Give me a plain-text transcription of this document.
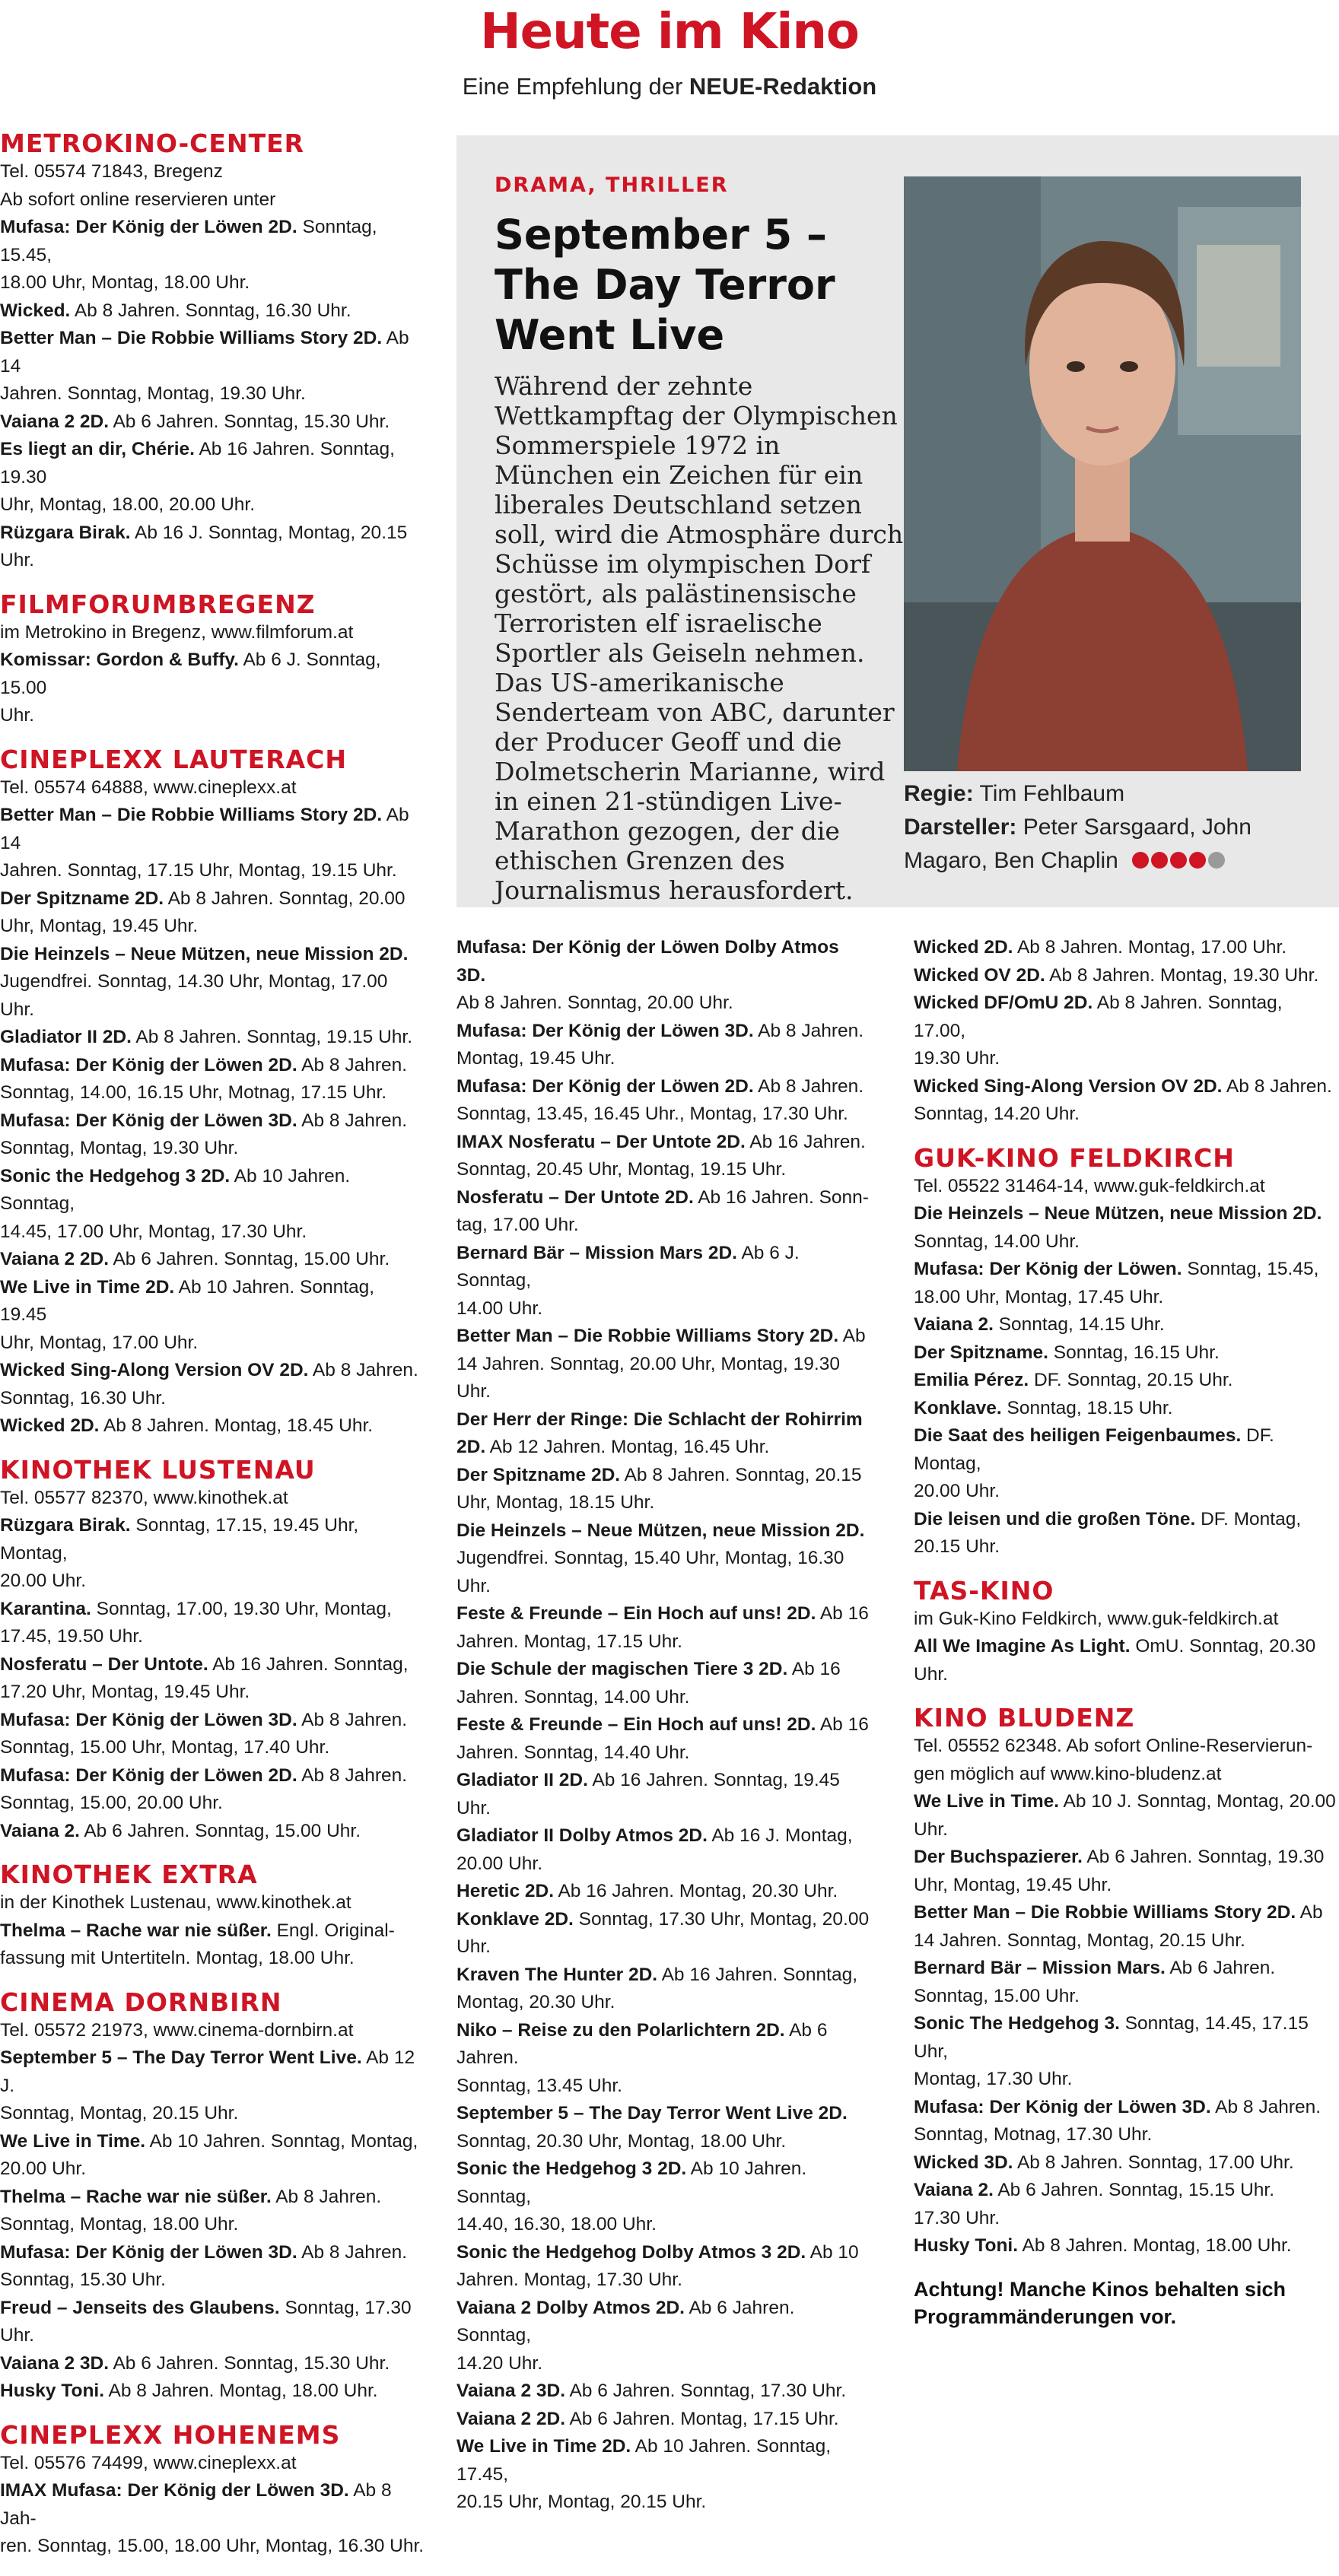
Heute im Kino
Eine Empfehlung der NEUE-Redaktion
METROKINO-CENTER
Tel. 05574 71843, Bregenz
Ab sofort online reservieren unter
Mufasa: Der König der Löwen 2D. Sonntag, 15.45,
18.00 Uhr, Montag, 18.00 Uhr.
Wicked. Ab 8 Jahren. Sonntag, 16.30 Uhr.
Better Man – Die Robbie Williams Story 2D. Ab 14
Jahren. Sonntag, Montag, 19.30 Uhr.
Vaiana 2 2D. Ab 6 Jahren. Sonntag, 15.30 Uhr.
Es liegt an dir, Chérie. Ab 16 Jahren. Sonntag, 19.30
Uhr, Montag, 18.00, 20.00 Uhr.
Rüzgara Birak. Ab 16 J. Sonntag, Montag, 20.15 Uhr.
FILMFORUMBREGENZ
im Metrokino in Bregenz, www.filmforum.at
Komissar: Gordon & Buffy. Ab 6 J. Sonntag, 15.00
Uhr.
CINEPLEXX LAUTERACH
Tel. 05574 64888, www.cineplexx.at
Better Man – Die Robbie Williams Story 2D. Ab 14
Jahren. Sonntag, 17.15 Uhr, Montag, 19.15 Uhr.
Der Spitzname 2D. Ab 8 Jahren. Sonntag, 20.00
Uhr, Montag, 19.45 Uhr.
Die Heinzels – Neue Mützen, neue Mission 2D.
Jugendfrei. Sonntag, 14.30 Uhr, Montag, 17.00 Uhr.
Gladiator II 2D. Ab 8 Jahren. Sonntag, 19.15 Uhr.
Mufasa: Der König der Löwen 2D. Ab 8 Jahren.
Sonntag, 14.00, 16.15 Uhr, Motnag, 17.15 Uhr.
Mufasa: Der König der Löwen 3D. Ab 8 Jahren.
Sonntag, Montag, 19.30 Uhr.
Sonic the Hedgehog 3 2D. Ab 10 Jahren. Sonntag,
14.45, 17.00 Uhr, Montag, 17.30 Uhr.
Vaiana 2 2D. Ab 6 Jahren. Sonntag, 15.00 Uhr.
We Live in Time 2D. Ab 10 Jahren. Sonntag, 19.45
Uhr, Montag, 17.00 Uhr.
Wicked Sing-Along Version OV 2D. Ab 8 Jahren.
Sonntag, 16.30 Uhr.
Wicked 2D. Ab 8 Jahren. Montag, 18.45 Uhr.
KINOTHEK LUSTENAU
Tel. 05577 82370, www.kinothek.at
Rüzgara Birak. Sonntag, 17.15, 19.45 Uhr, Montag,
20.00 Uhr.
Karantina. Sonntag, 17.00, 19.30 Uhr, Montag,
17.45, 19.50 Uhr.
Nosferatu – Der Untote. Ab 16 Jahren. Sonntag,
17.20 Uhr, Montag, 19.45 Uhr.
Mufasa: Der König der Löwen 3D. Ab 8 Jahren.
Sonntag, 15.00 Uhr, Montag, 17.40 Uhr.
Mufasa: Der König der Löwen 2D. Ab 8 Jahren.
Sonntag, 15.00, 20.00 Uhr.
Vaiana 2. Ab 6 Jahren. Sonntag, 15.00 Uhr.
KINOTHEK EXTRA
in der Kinothek Lustenau, www.kinothek.at
Thelma – Rache war nie süßer. Engl. Original-
fassung mit Untertiteln. Montag, 18.00 Uhr.
CINEMA DORNBIRN
Tel. 05572 21973, www.cinema-dornbirn.at
September 5 – The Day Terror Went Live. Ab 12 J.
Sonntag, Montag, 20.15 Uhr.
We Live in Time. Ab 10 Jahren. Sonntag, Montag,
20.00 Uhr.
Thelma – Rache war nie süßer. Ab 8 Jahren.
Sonntag, Montag, 18.00 Uhr.
Mufasa: Der König der Löwen 3D. Ab 8 Jahren.
Sonntag, 15.30 Uhr.
Freud – Jenseits des Glaubens. Sonntag, 17.30 Uhr.
Vaiana 2 3D. Ab 6 Jahren. Sonntag, 15.30 Uhr.
Husky Toni. Ab 8 Jahren. Montag, 18.00 Uhr.
CINEPLEXX HOHENEMS
Tel. 05576 74499, www.cineplexx.at
IMAX Mufasa: Der König der Löwen 3D. Ab 8 Jah-
ren. Sonntag, 15.00, 18.00 Uhr, Montag, 16.30 Uhr.
DRAMA, THRILLER
September 5 –
The Day Terror
Went Live

Während der zehnte Wettkampftag der Olympischen Sommerspiele 1972 in München ein Zeichen für ein liberales Deutschland setzen soll, wird die Atmosphäre durch Schüsse im olympischen Dorf gestört, als palästinensische Terroristen elf israelische Sportler als Geiseln nehmen. Das US-amerikanische Senderteam von ABC, darunter der Producer Geoff und die Dolmetscherin Marianne, wird in einen 21-stündigen Live-Marathon gezogen, der die ethischen Grenzen des Journalismus herausfordert.

Regie: Tim Fehlbaum
Darsteller: Peter Sarsgaard, John Magaro, Ben Chaplin
Mufasa: Der König der Löwen Dolby Atmos 3D.
Ab 8 Jahren. Sonntag, 20.00 Uhr.
Mufasa: Der König der Löwen 3D. Ab 8 Jahren.
Montag, 19.45 Uhr.
Mufasa: Der König der Löwen 2D. Ab 8 Jahren.
Sonntag, 13.45, 16.45 Uhr., Montag, 17.30 Uhr.
IMAX Nosferatu – Der Untote 2D. Ab 16 Jahren.
Sonntag, 20.45 Uhr, Montag, 19.15 Uhr.
Nosferatu – Der Untote 2D. Ab 16 Jahren. Sonn-
tag, 17.00 Uhr.
Bernard Bär – Mission Mars 2D. Ab 6 J. Sonntag,
14.00 Uhr.
Better Man – Die Robbie Williams Story 2D. Ab
14 Jahren. Sonntag, 20.00 Uhr, Montag, 19.30 Uhr.
Der Herr der Ringe: Die Schlacht der Rohirrim
2D. Ab 12 Jahren. Montag, 16.45 Uhr.
Der Spitzname 2D. Ab 8 Jahren. Sonntag, 20.15
Uhr, Montag, 18.15 Uhr.
Die Heinzels – Neue Mützen, neue Mission 2D.
Jugendfrei. Sonntag, 15.40 Uhr, Montag, 16.30 Uhr.
Feste & Freunde – Ein Hoch auf uns! 2D. Ab 16
Jahren. Montag, 17.15 Uhr.
Die Schule der magischen Tiere 3 2D. Ab 16
Jahren. Sonntag, 14.00 Uhr.
Feste & Freunde – Ein Hoch auf uns! 2D. Ab 16
Jahren. Sonntag, 14.40 Uhr.
Gladiator II 2D. Ab 16 Jahren. Sonntag, 19.45 Uhr.
Gladiator II Dolby Atmos 2D. Ab 16 J. Montag,
20.00 Uhr.
Heretic 2D. Ab 16 Jahren. Montag, 20.30 Uhr.
Konklave 2D. Sonntag, 17.30 Uhr, Montag, 20.00 Uhr.
Kraven The Hunter 2D. Ab 16 Jahren. Sonntag,
Montag, 20.30 Uhr.
Niko – Reise zu den Polarlichtern 2D. Ab 6 Jahren.
Sonntag, 13.45 Uhr.
September 5 – The Day Terror Went Live 2D.
Sonntag, 20.30 Uhr, Montag, 18.00 Uhr.
Sonic the Hedgehog 3 2D. Ab 10 Jahren. Sonntag,
14.40, 16.30, 18.00 Uhr.
Sonic the Hedgehog Dolby Atmos 3 2D. Ab 10
Jahren. Montag, 17.30 Uhr.
Vaiana 2 Dolby Atmos 2D. Ab 6 Jahren. Sonntag,
14.20 Uhr.
Vaiana 2 3D. Ab 6 Jahren. Sonntag, 17.30 Uhr.
Vaiana 2 2D. Ab 6 Jahren. Montag, 17.15 Uhr.
We Live in Time 2D. Ab 10 Jahren. Sonntag, 17.45,
20.15 Uhr, Montag, 20.15 Uhr.
Wicked 2D. Ab 8 Jahren. Montag, 17.00 Uhr.
Wicked OV 2D. Ab 8 Jahren. Montag, 19.30 Uhr.
Wicked DF/OmU 2D. Ab 8 Jahren. Sonntag, 17.00,
19.30 Uhr.
Wicked Sing-Along Version OV 2D. Ab 8 Jahren.
Sonntag, 14.20 Uhr.
GUK-KINO FELDKIRCH
Tel. 05522 31464-14, www.guk-feldkirch.at
Die Heinzels – Neue Mützen, neue Mission 2D.
Sonntag, 14.00 Uhr.
Mufasa: Der König der Löwen. Sonntag, 15.45,
18.00 Uhr, Montag, 17.45 Uhr.
Vaiana 2. Sonntag, 14.15 Uhr.
Der Spitzname. Sonntag, 16.15 Uhr.
Emilia Pérez. DF. Sonntag, 20.15 Uhr.
Konklave. Sonntag, 18.15 Uhr.
Die Saat des heiligen Feigenbaumes. DF. Montag,
20.00 Uhr.
Die leisen und die großen Töne. DF. Montag,
20.15 Uhr.
TAS-KINO
im Guk-Kino Feldkirch, www.guk-feldkirch.at
All We Imagine As Light. OmU. Sonntag, 20.30 Uhr.
KINO BLUDENZ
Tel. 05552 62348. Ab sofort Online-Reservierun-
gen möglich auf www.kino-bludenz.at
We Live in Time. Ab 10 J. Sonntag, Montag, 20.00
Uhr.
Der Buchspazierer. Ab 6 Jahren. Sonntag, 19.30
Uhr, Montag, 19.45 Uhr.
Better Man – Die Robbie Williams Story 2D. Ab
14 Jahren. Sonntag, Montag, 20.15 Uhr.
Bernard Bär – Mission Mars. Ab 6 Jahren.
Sonntag, 15.00 Uhr.
Sonic The Hedgehog 3. Sonntag, 14.45, 17.15 Uhr,
Montag, 17.30 Uhr.
Mufasa: Der König der Löwen 3D. Ab 8 Jahren.
Sonntag, Motnag, 17.30 Uhr.
Wicked 3D. Ab 8 Jahren. Sonntag, 17.00 Uhr.
Vaiana 2. Ab 6 Jahren. Sonntag, 15.15 Uhr.
17.30 Uhr.
Husky Toni. Ab 8 Jahren. Montag, 18.00 Uhr.
Achtung! Manche Kinos behalten sich
Programmänderungen vor.
